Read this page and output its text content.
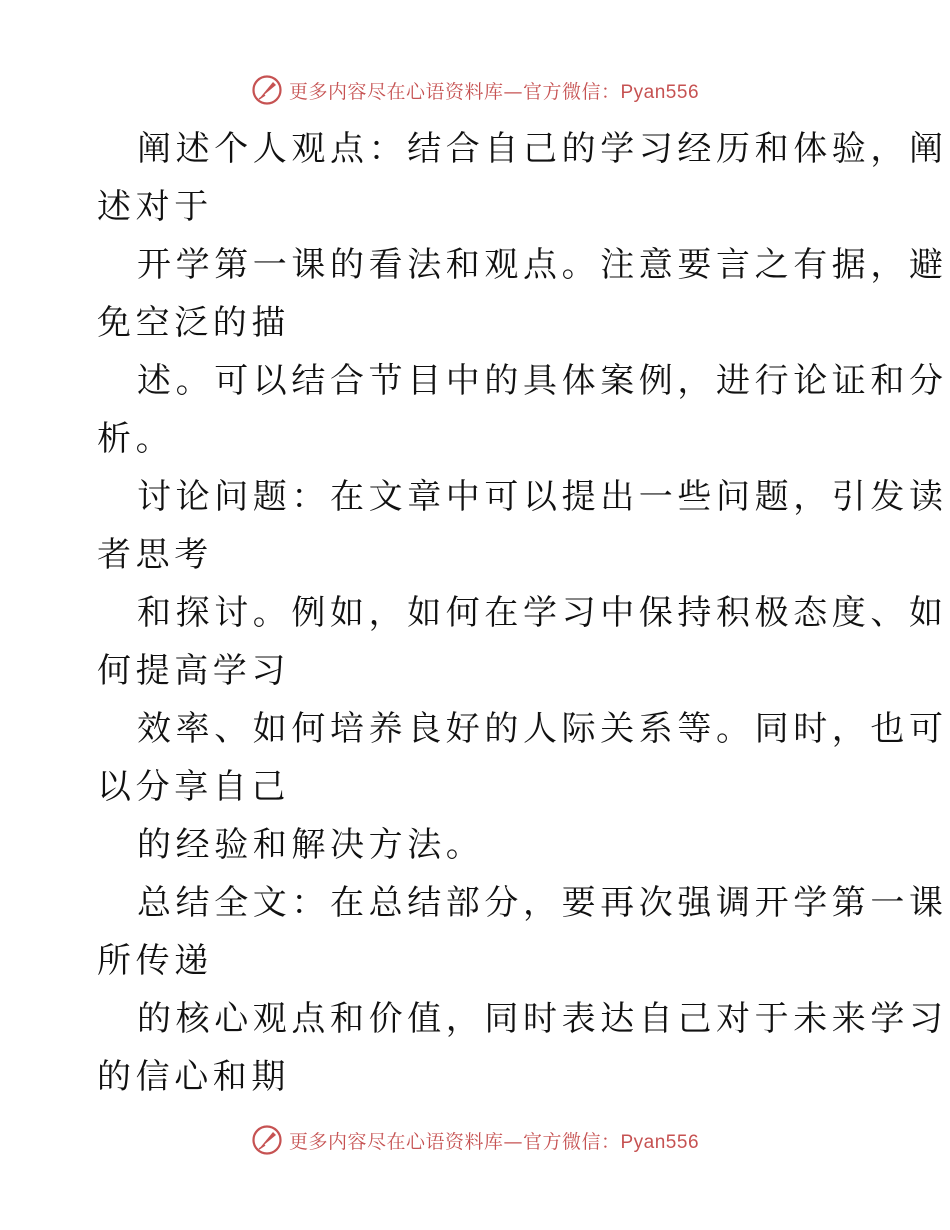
更多内容尽在心语资料库—官方微信：Pyan556
阐述个人观点：结合自己的学习经历和体验，阐
述对于
开学第一课的看法和观点。注意要言之有据，避
免空泛的描
述。可以结合节目中的具体案例，进行论证和分
析。
讨论问题：在文章中可以提出一些问题，引发读
者思考
和探讨。例如，如何在学习中保持积极态度、如
何提高学习
效率、如何培养良好的人际关系等。同时，也可
以分享自己
的经验和解决方法。
总结全文：在总结部分，要再次强调开学第一课
所传递
的核心观点和价值，同时表达自己对于未来学习
的信心和期
更多内容尽在心语资料库—官方微信：Pyan556
